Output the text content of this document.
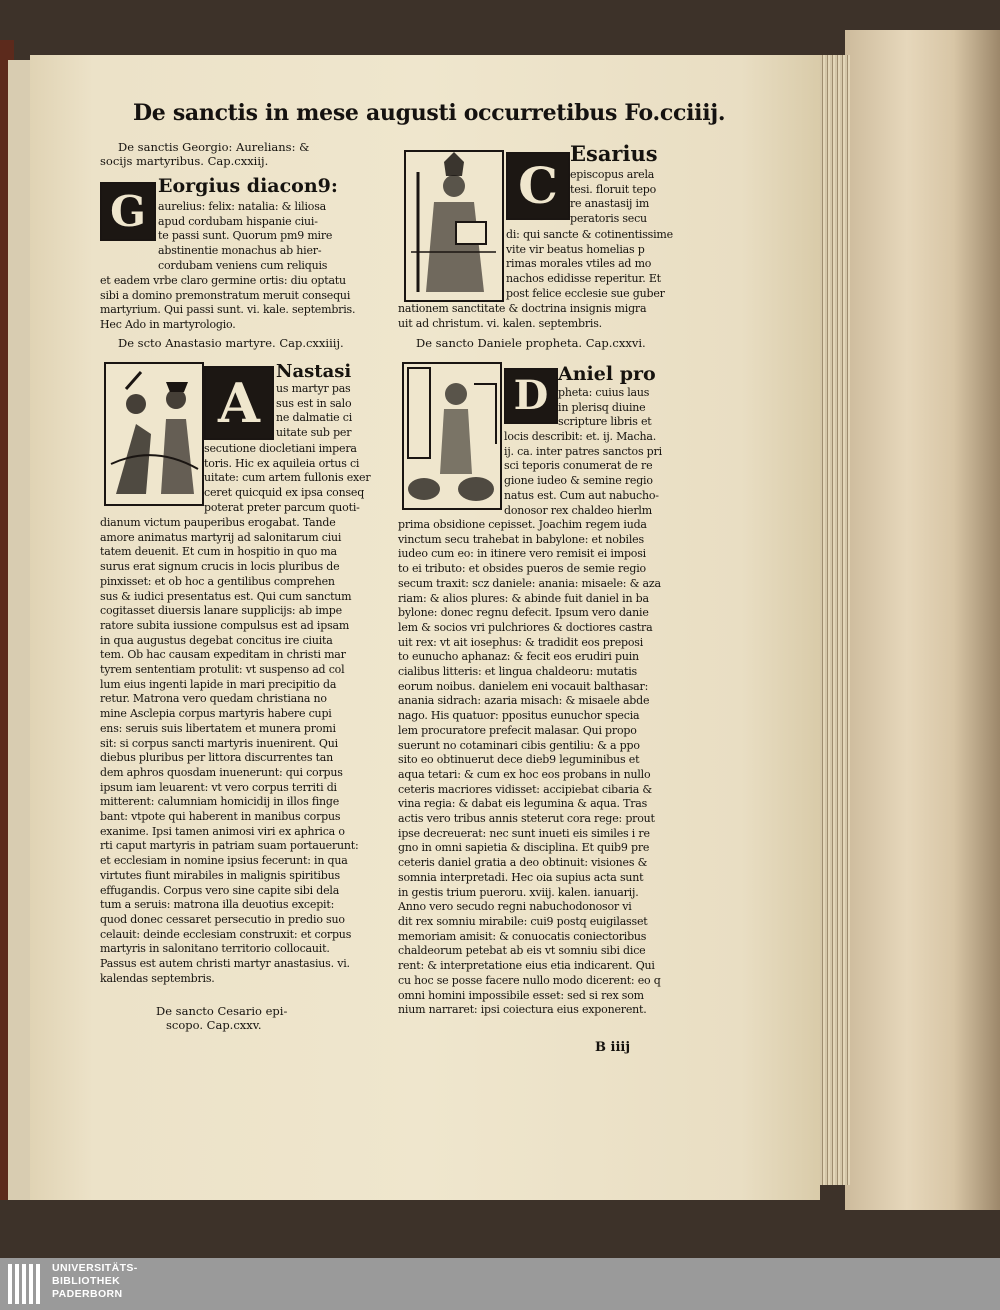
De sanctis in mese augusti occurretibus Fo.cciiij.
De sanctis Georgio: Aurelians: &
socijs martyribus. Cap.cxxiij.
G
Eorgius diacon9:
aurelius: felix: natalia: & liliosa
apud cordubam hispanie ciui-
te passi sunt. Quorum pm9 mire
abstinentie monachus ab hier-
cordubam veniens cum reliquis
et eadem vrbe claro germine ortis: diu optatu
sibi a domino premonstratum meruit consequi
martyrium. Qui passi sunt. vi. kale. septembris.
Hec Ado in martyrologio.
De scto Anastasio martyre. Cap.cxxiiij.
A Nastasi
us martyr pas
sus est in salo
ne dalmatie ci
uitate sub per
secutione diocletiani impera
toris. Hic ex aquileia ortus ci
uitate: cum artem fullonis exer
ceret quicquid ex ipsa conseq
poterat preter parcum quoti-
dianum victum pauperibus erogabat. Tande
amore animatus martyrij ad salonitarum ciui
tatem deuenit. Et cum in hospitio in quo ma
surus erat signum crucis in locis pluribus de
pinxisset: et ob hoc a gentilibus comprehen
sus & iudici presentatus est. Qui cum sanctum
cogitasset diuersis lanare supplicijs: ab impe
ratore subita iussione compulsus est ad ipsam
in qua augustus degebat concitus ire ciuita
tem. Ob hac causam expeditam in christi mar
tyrem sententiam protulit: vt suspenso ad col
lum eius ingenti lapide in mari precipitio da
retur. Matrona vero quedam christiana no
mine Asclepia corpus martyris habere cupi
ens: seruis suis libertatem et munera promi
sit: si corpus sancti martyris inuenirent. Qui
diebus pluribus per littora discurrentes tan
dem aphros quosdam inuenerunt: qui corpus
ipsum iam leuarent: vt vero corpus territi di
mitterent: calumniam homicidij in illos finge
bant: vtpote qui haberent in manibus corpus
exanime. Ipsi tamen animosi viri ex aphrica o
rti caput martyris in patriam suam portauerunt:
et ecclesiam in nomine ipsius fecerunt: in qua
virtutes fiunt mirabiles in malignis spiritibus
effugandis. Corpus vero sine capite sibi dela
tum a seruis: matrona illa deuotius excepit:
quod donec cessaret persecutio in predio suo
celauit: deinde ecclesiam construxit: et corpus
martyris in salonitano territorio collocauit.
Passus est autem christi martyr anastasius. vi.
kalendas septembris.
De sancto Cesario epi-
scopo. Cap.cxxv.
C
Esarius
episcopus arela
tesi. floruit tepo
re anastasij im
peratoris secu
di: qui sancte & cotinentissime
vite vir beatus homelias p
rimas morales vtiles ad mo
nachos edidisse reperitur. Et
post felice ecclesie sue guber
nationem sanctitate & doctrina insignis migra
uit ad christum. vi. kalen. septembris.
De sancto Daniele propheta. Cap.cxxvi.
D Aniel pro
pheta: cuius laus
in plerisq diuine
scripture libris et
locis describit: et. ij. Macha.
ij. ca. inter patres sanctos pri
sci teporis conumerat de re
gione iudeo & semine regio
natus est. Cum aut nabucho-
donosor rex chaldeo hierlm
prima obsidione cepisset. Joachim regem iuda
vinctum secu trahebat in babylone: et nobiles
iudeo cum eo: in itinere vero remisit ei imposi
to ei tributo: et obsides pueros de semie regio
secum traxit: scz daniele: anania: misaele: & aza
riam: & alios plures: & abinde fuit daniel in ba
bylone: donec regnu defecit. Ipsum vero danie
lem & socios vri pulchriores & doctiores castra
uit rex: vt ait iosephus: & tradidit eos preposi
to eunucho aphanaz: & fecit eos erudiri puin
cialibus litteris: et lingua chaldeoru: mutatis
eorum noibus. danielem eni vocauit balthasar:
anania sidrach: azaria misach: & misaele abde
nago. His quatuor: ppositus eunuchor specia
lem procuratore prefecit malasar. Qui propo
suerunt no cotaminari cibis gentiliu: & a ppo
sito eo obtinuerut dece dieb9 leguminibus et
aqua tetari: & cum ex hoc eos probans in nullo
ceteris macriores vidisset: accipiebat cibaria &
vina regia: & dabat eis legumina & aqua. Tras
actis vero tribus annis steterut cora rege: prout
ipse decreuerat: nec sunt inueti eis similes i re
gno in omni sapietia & disciplina. Et quib9 pre
ceteris daniel gratia a deo obtinuit: visiones &
somnia interpretadi. Hec oia supius acta sunt
in gestis trium pueroru. xviij. kalen. ianuarij.
Anno vero secudo regni nabuchodonosor vi
dit rex somniu mirabile: cui9 postq euigilasset
memoriam amisit: & conuocatis coniectoribus
chaldeorum petebat ab eis vt somniu sibi dice
rent: & interpretatione eius etia indicarent. Qui
cu hoc se posse facere nullo modo dicerent: eo q
omni homini impossibile esset: sed si rex som
nium narraret: ipsi coiectura eius exponerent.
B iiij
UNIVERSITÄTS-
BIBLIOTHEK
PADERBORN
